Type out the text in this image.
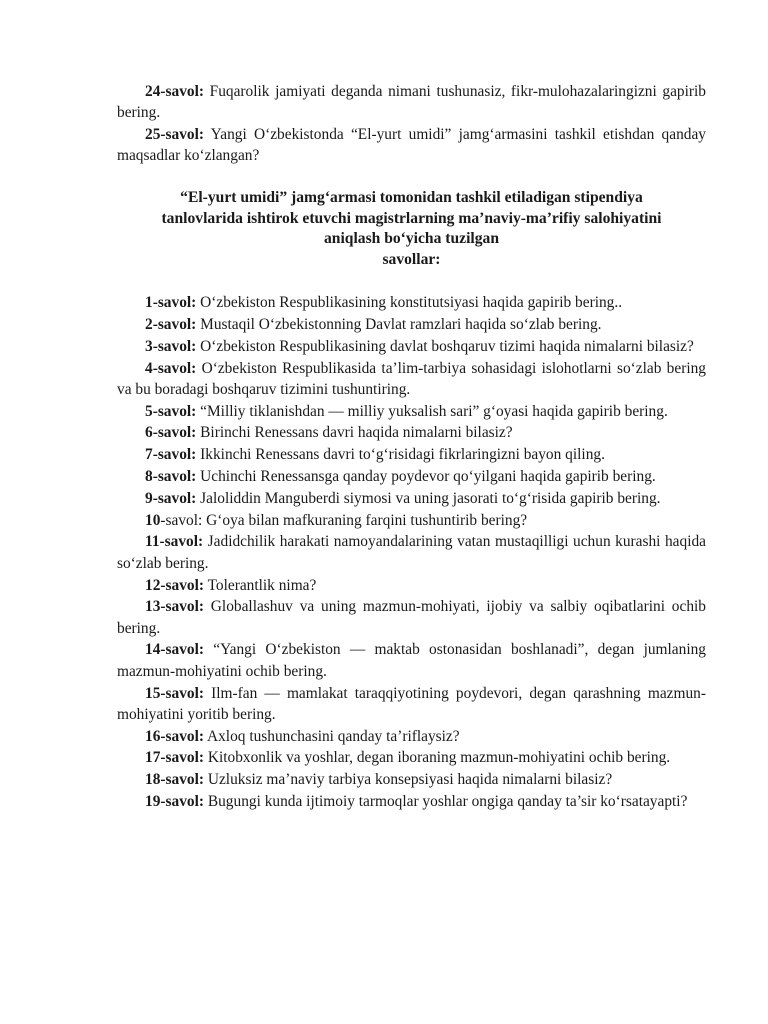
24-savol: Fuqarolik jamiyati deganda nimani tushunasiz, fikr-mulohazalaringizni gapirib bering.

25-savol: Yangi O‘zbekistonda “El-yurt umidi” jamg‘armasini tashkil etishdan qanday maqsadlar ko‘zlangan?

“El-yurt umidi” jamg‘armasi tomonidan tashkil etiladigan stipendiya
tanlovlarida ishtirok etuvchi magistrlarning ma’naviy-ma’rifiy salohiyatini
aniqlash bo‘yicha tuzilgan
savollar:

1-savol: O‘zbekiston Respublikasining konstitutsiyasi haqida gapirib bering..

2-savol: Mustaqil O‘zbekistonning Davlat ramzlari haqida so‘zlab bering.

3-savol: O‘zbekiston Respublikasining davlat boshqaruv tizimi haqida nimalarni bilasiz?

4-savol: O‘zbekiston Respublikasida ta’lim-tarbiya sohasidagi islohotlarni so‘zlab bering va bu boradagi boshqaruv tizimini tushuntiring.

5-savol: “Milliy tiklanishdan — milliy yuksalish sari” g‘oyasi haqida gapirib bering.

6-savol: Birinchi Renessans davri haqida nimalarni bilasiz?

7-savol: Ikkinchi Renessans davri to‘g‘risidagi fikrlaringizni bayon qiling.

8-savol: Uchinchi Renessansga qanday poydevor qo‘yilgani haqida gapirib bering.

9-savol: Jaloliddin Manguberdi siymosi va uning jasorati to‘g‘risida gapirib bering.

10-savol: G‘oya bilan mafkuraning farqini tushuntirib bering?

11-savol: Jadidchilik harakati namoyandalarining vatan mustaqilligi uchun kurashi haqida so‘zlab bering.

12-savol: Tolerantlik nima?

13-savol: Globallashuv va uning mazmun-mohiyati, ijobiy va salbiy oqibatlarini ochib bering.

14-savol: “Yangi O‘zbekiston — maktab ostonasidan boshlanadi”, degan jumlaning mazmun-mohiyatini ochib bering.

15-savol: Ilm-fan — mamlakat taraqqiyotining poydevori, degan qarashning mazmun-mohiyatini yoritib bering.

16-savol: Axloq tushunchasini qanday ta’riflaysiz?

17-savol: Kitobxonlik va yoshlar, degan iboraning mazmun-mohiyatini ochib bering.

18-savol: Uzluksiz ma’naviy tarbiya konsepsiyasi haqida nimalarni bilasiz?

19-savol: Bugungi kunda ijtimoiy tarmoqlar yoshlar ongiga qanday ta’sir ko‘rsatayapti?
